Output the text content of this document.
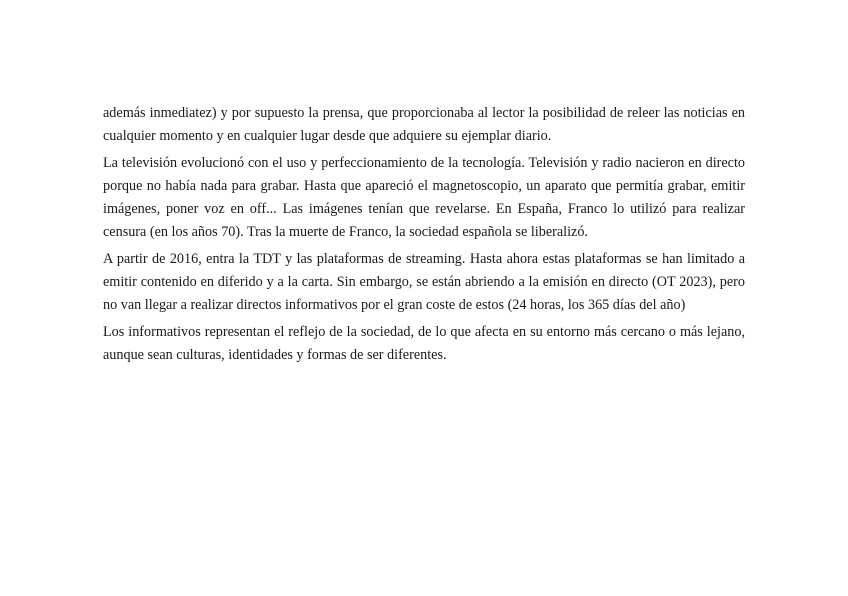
además inmediatez) y por supuesto la prensa, que proporcionaba al lector la posibilidad de releer las noticias en cualquier momento y en cualquier lugar desde que adquiere su ejemplar diario.

La televisión evolucionó con el uso y perfeccionamiento de la tecnología. Televisión y radio nacieron en directo porque no había nada para grabar. Hasta que apareció el magnetoscopio, un aparato que permitía grabar, emitir imágenes, poner voz en off... Las imágenes tenían que revelarse. En España, Franco lo utilizó para realizar censura (en los años 70). Tras la muerte de Franco, la sociedad española se liberalizó.

A partir de 2016, entra la TDT y las plataformas de streaming. Hasta ahora estas plataformas se han limitado a emitir contenido en diferido y a la carta. Sin embargo, se están abriendo a la emisión en directo (OT 2023), pero no van llegar a realizar directos informativos por el gran coste de estos (24 horas, los 365 días del año)

Los informativos representan el reflejo de la sociedad, de lo que afecta en su entorno más cercano o más lejano, aunque sean culturas, identidades y formas de ser diferentes.
